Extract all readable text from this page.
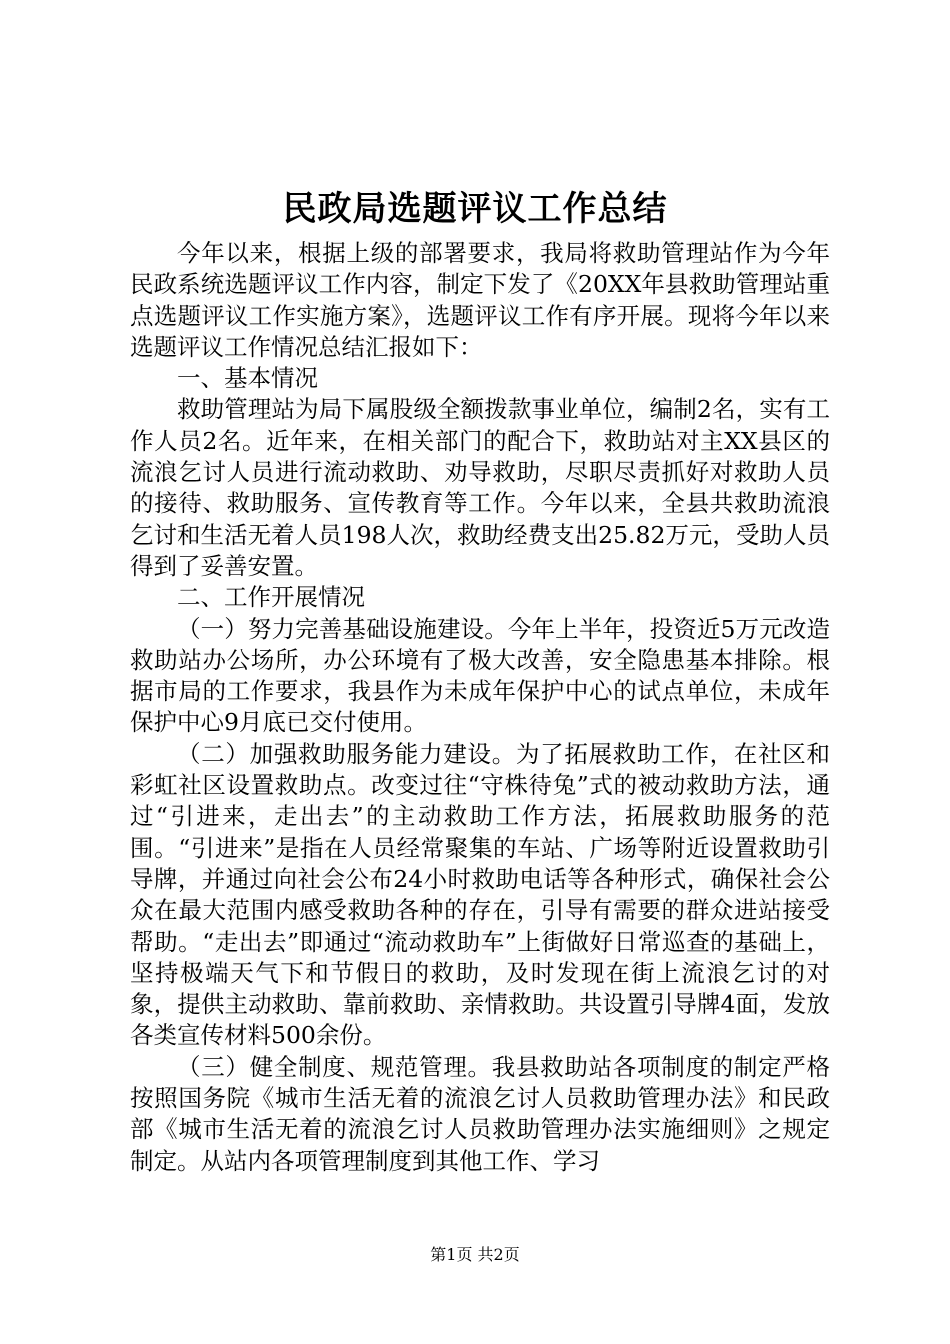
民政局选题评议工作总结

今年以来，根据上级的部署要求，我局将救助管理站作为今年民政系统选题评议工作内容，制定下发了《20XX年县救助管理站重点选题评议工作实施方案》，选题评议工作有序开展。现将今年以来选题评议工作情况总结汇报如下：

一、基本情况

救助管理站为局下属股级全额拨款事业单位，编制2名，实有工作人员2名。近年来，在相关部门的配合下，救助站对主XX县区的流浪乞讨人员进行流动救助、劝导救助，尽职尽责抓好对救助人员的接待、救助服务、宣传教育等工作。今年以来，全县共救助流浪乞讨和生活无着人员198人次，救助经费支出25.82万元，受助人员得到了妥善安置。

二、工作开展情况

（一）努力完善基础设施建设。今年上半年，投资近5万元改造救助站办公场所，办公环境有了极大改善，安全隐患基本排除。根据市局的工作要求，我县作为未成年保护中心的试点单位，未成年保护中心9月底已交付使用。

（二）加强救助服务能力建设。为了拓展救助工作，在社区和彩虹社区设置救助点。改变过往“守株待兔”式的被动救助方法，通过“引进来，走出去”的主动救助工作方法，拓展救助服务的范围。“引进来”是指在人员经常聚集的车站、广场等附近设置救助引导牌，并通过向社会公布24小时救助电话等各种形式，确保社会公众在最大范围内感受救助各种的存在，引导有需要的群众进站接受帮助。“走出去”即通过“流动救助车”上街做好日常巡查的基础上，坚持极端天气下和节假日的救助，及时发现在街上流浪乞讨的对象，提供主动救助、靠前救助、亲情救助。共设置引导牌4面，发放各类宣传材料500余份。

（三）健全制度、规范管理。我县救助站各项制度的制定严格按照国务院《城市生活无着的流浪乞讨人员救助管理办法》和民政部《城市生活无着的流浪乞讨人员救助管理办法实施细则》之规定制定。从站内各项管理制度到其他工作、学习

第1页 共2页
